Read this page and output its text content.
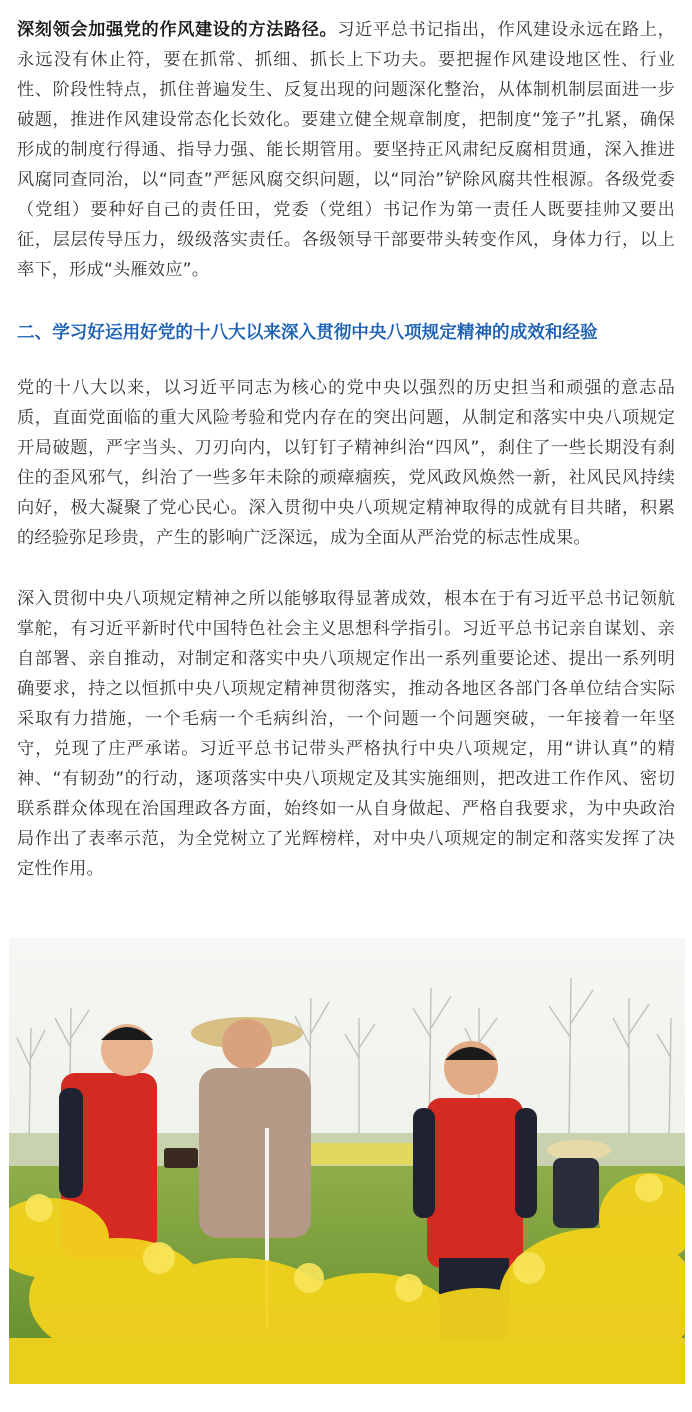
深刻领会加强党的作风建设的方法路径。习近平总书记指出，作风建设永远在路上，永远没有休止符，要在抓常、抓细、抓长上下功夫。要把握作风建设地区性、行业性、阶段性特点，抓住普遍发生、反复出现的问题深化整治，从体制机制层面进一步破题，推进作风建设常态化长效化。要建立健全规章制度，把制度“笼子”扎紧，确保形成的制度行得通、指导力强、能长期管用。要坚持正风肃纪反腐相贯通，深入推进风腐同查同治，以“同查”严惩风腐交织问题，以“同治”铲除风腐共性根源。各级党委（党组）要种好自己的责任田，党委（党组）书记作为第一责任人既要挂帅又要出征，层层传导压力，级级落实责任。各级领导干部要带头转变作风，身体力行，以上率下，形成“头雁效应”。

二、学习好运用好党的十八大以来深入贯彻中央八项规定精神的成效和经验

党的十八大以来，以习近平同志为核心的党中央以强烈的历史担当和顽强的意志品质，直面党面临的重大风险考验和党内存在的突出问题，从制定和落实中央八项规定开局破题，严字当头、刀刃向内，以钉钉子精神纠治“四风”，刹住了一些长期没有刹住的歪风邪气，纠治了一些多年未除的顽瘴痼疾，党风政风焕然一新，社风民风持续向好，极大凝聚了党心民心。深入贯彻中央八项规定精神取得的成就有目共睹，积累的经验弥足珍贵，产生的影响广泛深远，成为全面从严治党的标志性成果。

深入贯彻中央八项规定精神之所以能够取得显著成效，根本在于有习近平总书记领航掌舵，有习近平新时代中国特色社会主义思想科学指引。习近平总书记亲自谋划、亲自部署、亲自推动，对制定和落实中央八项规定作出一系列重要论述、提出一系列明确要求，持之以恒抓中央八项规定精神贯彻落实，推动各地区各部门各单位结合实际采取有力措施，一个毛病一个毛病纠治，一个问题一个问题突破，一年接着一年坚守，兑现了庄严承诺。习近平总书记带头严格执行中央八项规定，用“讲认真”的精神、“有韧劲”的行动，逐项落实中央八项规定及其实施细则，把改进工作作风、密切联系群众体现在治国理政各方面，始终如一从自身做起、严格自我要求，为中央政治局作出了表率示范，为全党树立了光辉榜样，对中央八项规定的制定和落实发挥了决定性作用。
